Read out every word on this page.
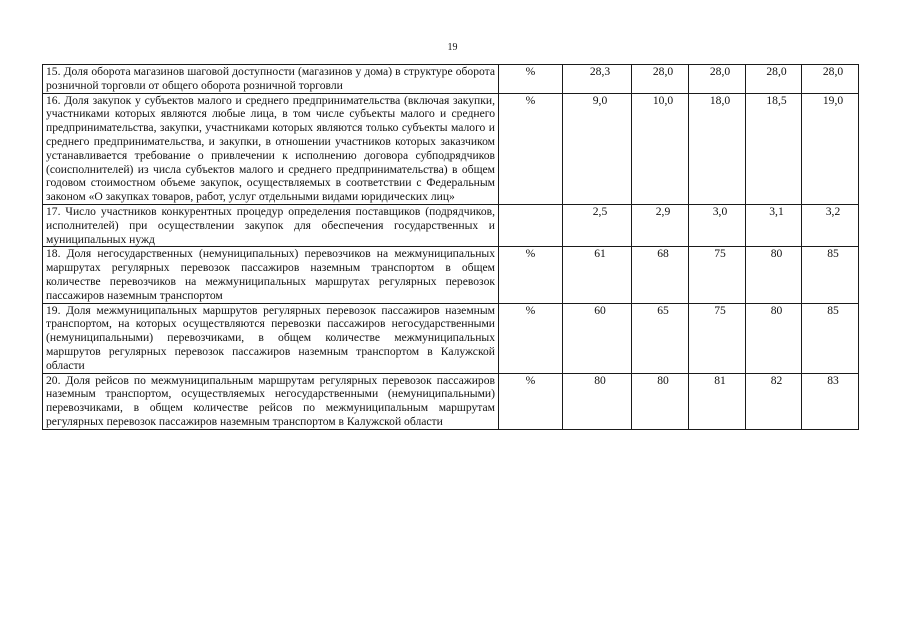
19
15. Доля оборота магазинов шаговой доступности (магазинов у дома) в структуре оборота розничной торговли от общего оборота розничной торговли	%	28,3	28,0	28,0	28,0	28,0
16. Доля закупок у субъектов малого и среднего предпринимательства (включая закупки, участниками которых являются любые лица, в том числе субъекты малого и среднего предпринимательства, закупки, участниками которых являются только субъекты малого и среднего предпринимательства, и закупки, в отношении участников которых заказчиком устанавливается требование о привлечении к исполнению договора субподрядчиков (соисполнителей) из числа субъектов малого и среднего предпринимательства) в общем годовом стоимостном объеме закупок, осуществляемых в соответствии с Федеральным законом «О закупках товаров, работ, услуг отдельными видами юридических лиц»	%	9,0	10,0	18,0	18,5	19,0
17. Число участников конкурентных процедур определения поставщиков (подрядчиков, исполнителей) при осуществлении закупок для обеспечения государственных и муниципальных нужд		2,5	2,9	3,0	3,1	3,2
18. Доля негосударственных (немуниципальных) перевозчиков на межмуниципальных маршрутах регулярных перевозок пассажиров наземным транспортом в общем количестве перевозчиков на межмуниципальных маршрутах регулярных перевозок пассажиров наземным транспортом	%	61	68	75	80	85
19. Доля межмуниципальных маршрутов регулярных перевозок пассажиров наземным транспортом, на которых осуществляются перевозки пассажиров негосударственными (немуниципальными) перевозчиками, в общем количестве межмуниципальных маршрутов регулярных перевозок пассажиров наземным транспортом в Калужской области	%	60	65	75	80	85
20. Доля рейсов по межмуниципальным маршрутам регулярных перевозок пассажиров наземным транспортом, осуществляемых негосударственными (немуниципальными) перевозчиками, в общем количестве рейсов по межмуниципальным маршрутам регулярных перевозок пассажиров наземным транспортом в Калужской области	%	80	80	81	82	83
